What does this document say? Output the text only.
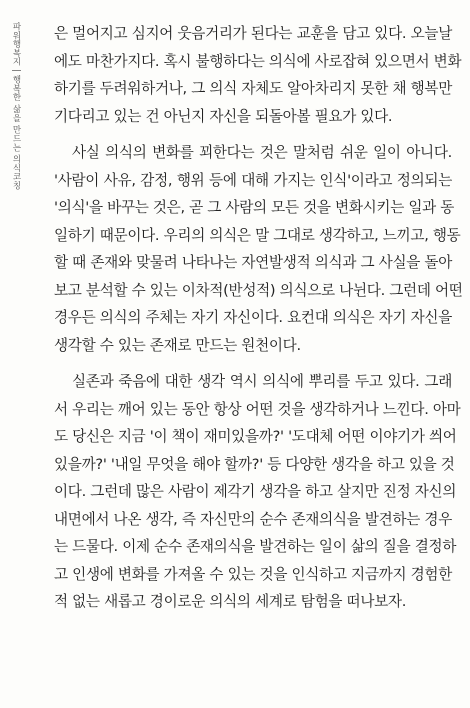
파워행복지 | 행복한 삶을 만드는 의식코칭 은 멀어지고 심지어 웃음거리가 된다는 교훈을 담고 있다. 오늘날
에도 마찬가지다. 혹시 불행하다는 의식에 사로잡혀 있으면서 변화
하기를 두려워하거나, 그 의식 자체도 알아차리지 못한 채 행복만
기다리고 있는 건 아닌지 자신을 되돌아볼 필요가 있다.
사실 의식의 변화를 꾀한다는 것은 말처럼 쉬운 일이 아니다.
'사람이 사유, 감정, 행위 등에 대해 가지는 인식'이라고 정의되는
'의식'을 바꾸는 것은, 곧 그 사람의 모든 것을 변화시키는 일과 동
일하기 때문이다. 우리의 의식은 말 그대로 생각하고, 느끼고, 행동
할 때 존재와 맞물려 나타나는 자연발생적 의식과 그 사실을 돌아
보고 분석할 수 있는 이차적(반성적) 의식으로 나뉜다. 그런데 어떤
경우든 의식의 주체는 자기 자신이다. 요컨대 의식은 자기 자신을
생각할 수 있는 존재로 만드는 원천이다.
실존과 죽음에 대한 생각 역시 의식에 뿌리를 두고 있다. 그래
서 우리는 깨어 있는 동안 항상 어떤 것을 생각하거나 느낀다. 아마
도 당신은 지금 '이 책이 재미있을까?' '도대체 어떤 이야기가 씌어
있을까?' '내일 무엇을 해야 할까?' 등 다양한 생각을 하고 있을 것
이다. 그런데 많은 사람이 제각기 생각을 하고 살지만 진정 자신의
내면에서 나온 생각, 즉 자신만의 순수 존재의식을 발견하는 경우
는 드물다. 이제 순수 존재의식을 발견하는 일이 삶의 질을 결정하
고 인생에 변화를 가져올 수 있는 것을 인식하고 지금까지 경험한
적 없는 새롭고 경이로운 의식의 세계로 탐험을 떠나보자.
